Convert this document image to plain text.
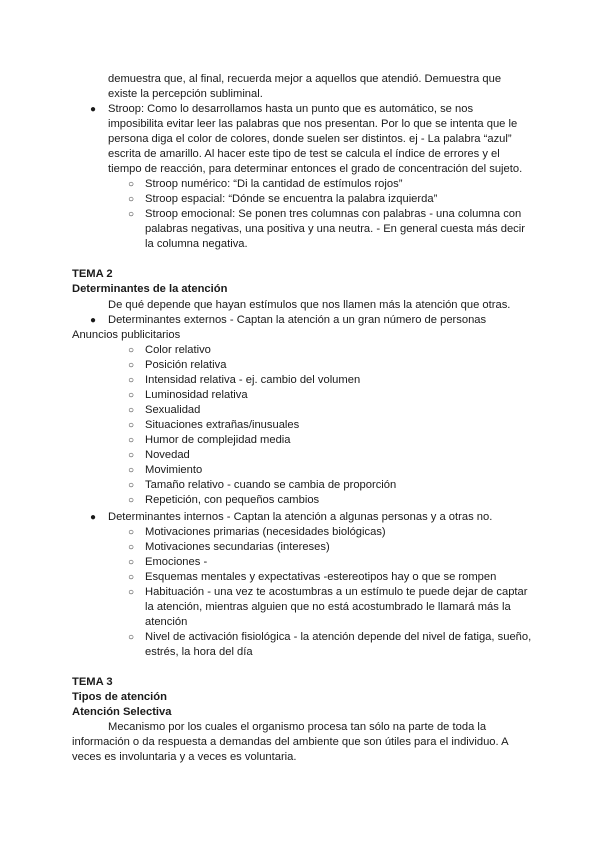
demuestra que, al final, recuerda mejor a aquellos que atendió. Demuestra que
existe la percepción subliminal.
● Stroop: Como lo desarrollamos hasta un punto que es automático, se nos
imposibilita evitar leer las palabras que nos presentan. Por lo que se intenta que le
persona diga el color de colores, donde suelen ser distintos. ej - La palabra “azul”
escrita de amarillo. Al hacer este tipo de test se calcula el índice de errores y el
tiempo de reacción, para determinar entonces el grado de concentración del sujeto.
○ Stroop numérico: “Di la cantidad de estímulos rojos”
○ Stroop espacial: “Dónde se encuentra la palabra izquierda”
○ Stroop emocional: Se ponen tres columnas con palabras - una columna con
palabras negativas, una positiva y una neutra. - En general cuesta más decir
la columna negativa.
TEMA 2
Determinantes de la atención
De qué depende que hayan estímulos que nos llamen más la atención que otras.
● Determinantes externos - Captan la atención a un gran número de personas
Anuncios publicitarios
○ Color relativo
○ Posición relativa
○ Intensidad relativa - ej. cambio del volumen
○ Luminosidad relativa
○ Sexualidad
○ Situaciones extrañas/inusuales
○ Humor de complejidad media
○ Novedad
○ Movimiento
○ Tamaño relativo - cuando se cambia de proporción
○ Repetición, con pequeños cambios
● Determinantes internos - Captan la atención a algunas personas y a otras no.
○ Motivaciones primarias (necesidades biológicas)
○ Motivaciones secundarias (intereses)
○ Emociones -
○ Esquemas mentales y expectativas -estereotipos hay o que se rompen
○ Habituación - una vez te acostumbras a un estímulo te puede dejar de captar
la atención, mientras alguien que no está acostumbrado le llamará más la
atención
○ Nivel de activación fisiológica - la atención depende del nivel de fatiga, sueño,
estrés, la hora del día
TEMA 3
Tipos de atención
Atención Selectiva
Mecanismo por los cuales el organismo procesa tan sólo na parte de toda la
información o da respuesta a demandas del ambiente que son útiles para el individuo. A
veces es involuntaria y a veces es voluntaria.
